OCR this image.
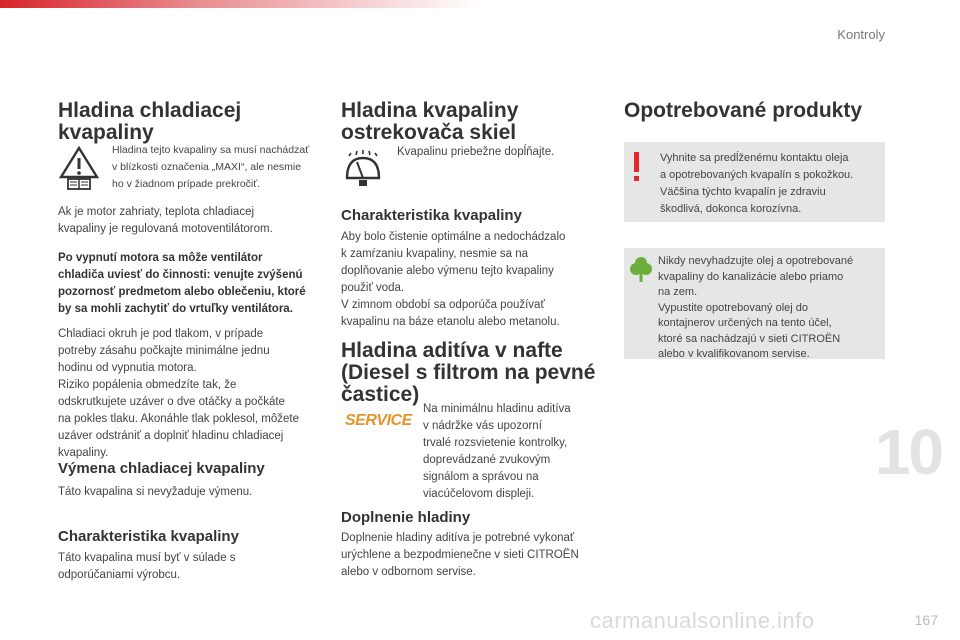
Kontroly
10
167
carmanualsonline.info
Hladina chladiacej
kvapaliny
Hladina tejto kvapaliny sa musí nachádzať
v blízkosti označenia „MAXI“, ale nesmie
ho v žiadnom prípade prekročiť.

Ak je motor zahriaty, teplota chladiacej

kvapaliny je regulovaná motoventilátorom.

Po vypnutí motora sa môže ventilátor

chladiča uviesť do činnosti: venujte zvýšenú

pozornosť predmetom alebo oblečeniu, ktoré

by sa mohli zachytiť do vrtuľky ventilátora.

Chladiaci okruh je pod tlakom, v prípade

potreby zásahu počkajte minimálne jednu

hodinu od vypnutia motora.

Riziko popálenia obmedzíte tak, že

odskrutkujete uzáver o dve otáčky a počkáte

na pokles tlaku. Akonáhle tlak poklesol, môžete

uzáver odstrániť a doplniť hladinu chladiacej

kvapaliny.

Výmena chladiacej kvapaliny

Táto kvapalina si nevyžaduje výmenu.

Charakteristika kvapaliny

Táto kvapalina musí byť v súlade s

odporúčaniami výrobcu.

Hladina kvapaliny
ostrekovača skiel

Kvapalinu priebežne dopĺňajte.

Charakteristika kvapaliny

Aby bolo čistenie optimálne a nedochádzalo

k zamŕzaniu kvapaliny, nesmie sa na

doplňovanie alebo výmenu tejto kvapaliny

použiť voda.

V zimnom období sa odporúča používať

kvapalinu na báze etanolu alebo metanolu.

Hladina aditíva v nafte
(Diesel s filtrom na pevné
častice)
SERVICE

Na minimálnu hladinu aditíva

v nádržke vás upozorní

trvalé rozsvietenie kontrolky,

doprevádzané zvukovým

signálom a správou na

viacúčelovom displeji.

Doplnenie hladiny

Doplnenie hladiny aditíva je potrebné vykonať

urýchlene a bezpodmienečne v sieti CITROËN

alebo v odbornom servise.

Opotrebované produkty
Vyhnite sa predĺženému kontaktu oleja
a opotrebovaných kvapalín s pokožkou.
Väčšina týchto kvapalín je zdraviu
škodlivá, dokonca korozívna.
Nikdy nevyhadzujte olej a opotrebované
kvapaliny do kanalizácie alebo priamo
na zem.
Vypustite opotrebovaný olej do
kontajnerov určených na tento účel,
ktoré sa nachádzajú v sieti CITROËN
alebo v kvalifikovanom servise.
